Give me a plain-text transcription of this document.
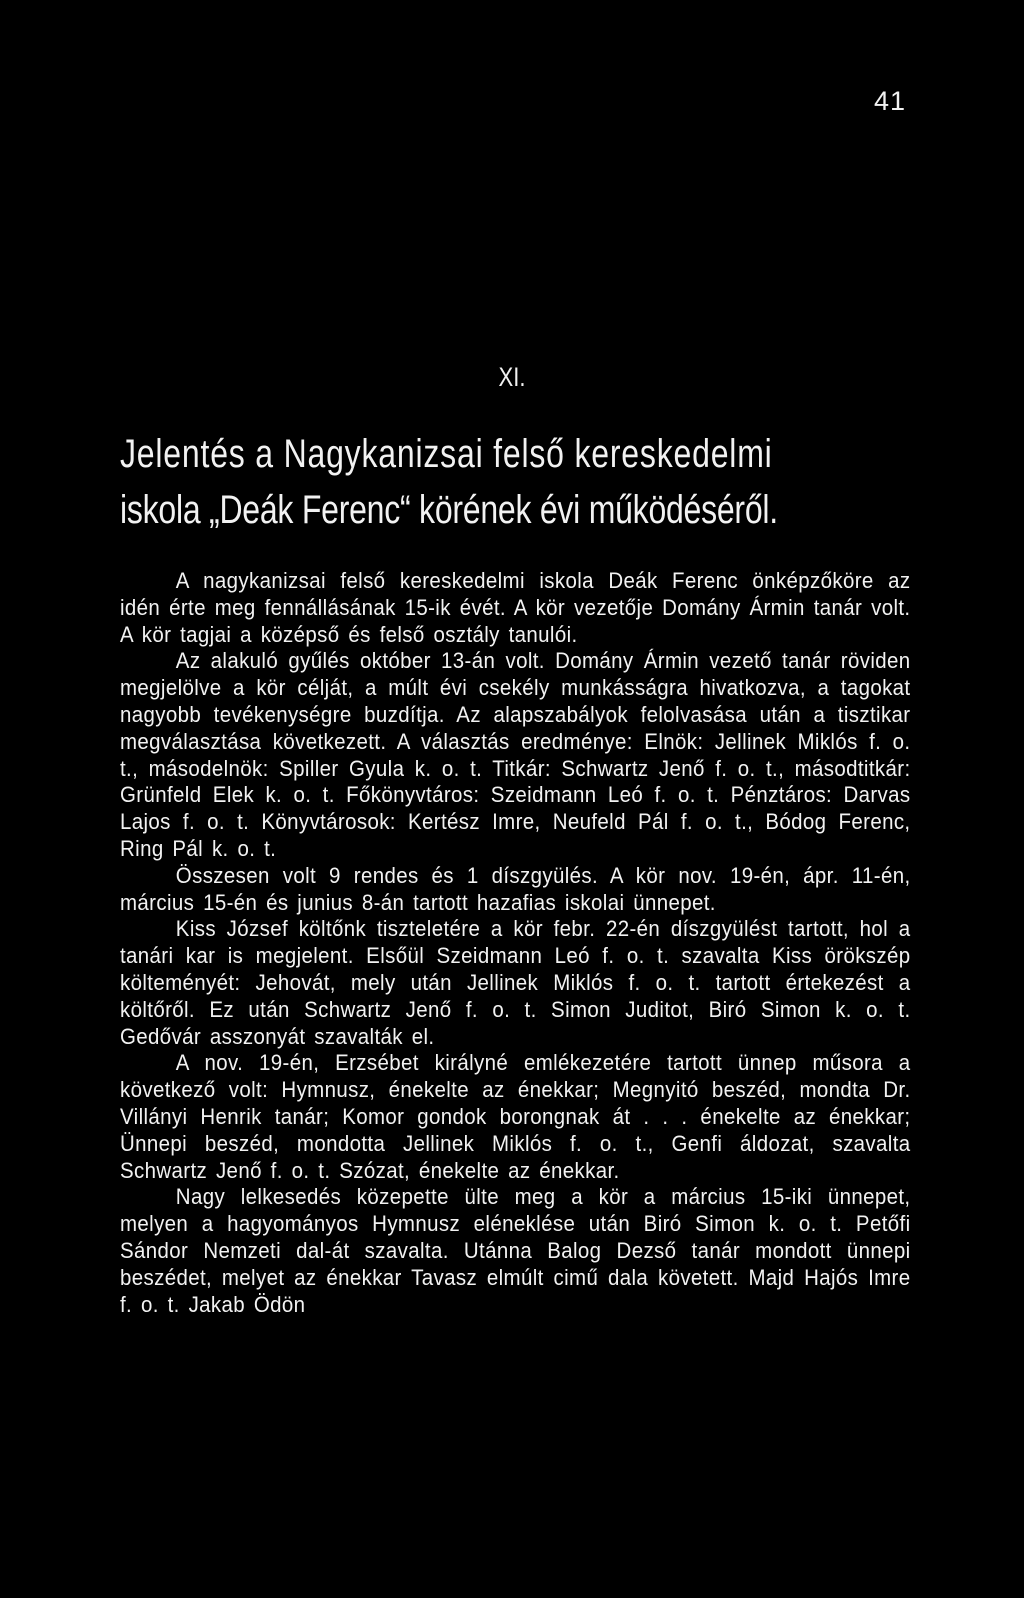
41
XI.
Jelentés a Nagykanizsai felső kereskedelmi
iskola „Deák Ferenc“ körének évi működéséről.

A nagykanizsai felső kereskedelmi iskola Deák Ferenc önképzőköre az idén érte meg fennállásának 15-ik évét. A kör vezetője Domány Ármin tanár volt. A kör tagjai a középső és felső osztály tanulói.

Az alakuló gyűlés október 13-án volt. Domány Ármin vezető tanár röviden megjelölve a kör célját, a múlt évi csekély munkásságra hivatkozva, a tagokat nagyobb tevékenységre buzdítja. Az alapszabályok felolvasása után a tisztikar megválasztása következett. A választás eredménye: Elnök: Jellinek Miklós f. o. t., másodelnök: Spiller Gyula k. o. t. Titkár: Schwartz Jenő f. o. t., másodtitkár: Grünfeld Elek k. o. t. Főkönyvtáros: Szeidmann Leó f. o. t. Pénztáros: Darvas Lajos f. o. t. Könyvtárosok: Kertész Imre, Neufeld Pál f. o. t., Bódog Ferenc, Ring Pál k. o. t.

Összesen volt 9 rendes és 1 díszgyülés. A kör nov. 19-én, ápr. 11-én, március 15-én és junius 8-án tartott hazafias iskolai ünnepet.

Kiss József költőnk tiszteletére a kör febr. 22-én díszgyülést tartott, hol a tanári kar is megjelent. Elsőül Szeidmann Leó f. o. t. szavalta Kiss örökszép költeményét: Jehovát, mely után Jellinek Miklós f. o. t. tartott értekezést a költőről. Ez után Schwartz Jenő f. o. t. Simon Juditot, Biró Simon k. o. t. Gedővár asszonyát szavalták el.

A nov. 19-én, Erzsébet királyné emlékezetére tartott ünnep műsora a következő volt: Hymnusz, énekelte az énekkar; Megnyitó beszéd, mondta Dr. Villányi Henrik tanár; Komor gondok borongnak át . . . énekelte az énekkar; Ünnepi beszéd, mondotta Jellinek Miklós f. o. t., Genfi áldozat, szavalta Schwartz Jenő f. o. t. Szózat, énekelte az énekkar.

Nagy lelkesedés közepette ülte meg a kör a március 15-iki ünnepet, melyen a hagyományos Hymnusz eléneklése után Biró Simon k. o. t. Petőfi Sándor Nemzeti dal-át szavalta. Utánna Balog Dezső tanár mondott ünnepi beszédet, melyet az énekkar Tavasz elmúlt cimű dala követett. Majd Hajós Imre f. o. t. Jakab Ödön
